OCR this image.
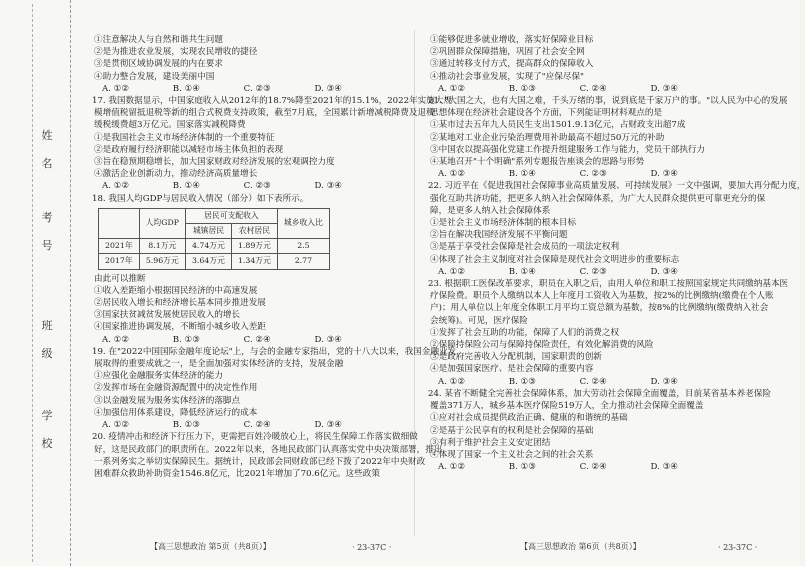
姓
名
考
号
班
级
学
校
①注意解决人与自然和谐共生问题
②是为推进农业发展，实现农民增收的捷径
③是贯彻区域协调发展的内在要求
④助力整合发展，建设美丽中国
A. ①②	B. ①④	C. ②③	D. ③④
17. 我国数据显示，中国家庭收入从2012年的18.7%降至2021年的15.1%，2022年实施大规
模增值税留抵退税等新的组合式税费支持政策，截至7月底，全国累计新增减税降费及退税
缓税缓费超3万亿元。国家落实减税降费
①是我国社会主义市场经济体制的一个重要特征
②是政府履行经济职能以减轻市场主体负担的表现
③旨在稳预期稳增长，加大国家财政对经济发展的宏观调控力度
④激活企业创新动力，推动经济高质量增长
A. ①②	B. ①④	C. ②③	D. ③④
18. 我国人均GDP与居民收入情况（部分）如下表所示。
	人均GDP	居民可支配收入		城乡收入比
		城镇居民	农村居民	
2021年	8.1万元	4.74万元	1.89万元	2.5
2017年	5.96万元	3.64万元	1.34万元	2.77
由此可以推断
①收入差距缩小根据国民经济的中高速发展
②居民收入增长和经济增长基本同步推进发展
③国家扶贫减贫发展使居民收入的增长
④国家推进协调发展，不断缩小城乡收入差距
A. ①②	B. ①③	C. ②④	D. ③④
19. 在"2022中国国际金融年度论坛"上，与会的金融专家指出，党的十八大以来，我国金融业发
展取得的重要成就之一，是全面加强对实体经济的支持，发展金融
①应强化金融服务实体经济的能力
②发挥市场在金融资源配置中的决定性作用
③以金融发展为服务实体经济的落脚点
④加强信用体系建设，降低经济运行的成本
A. ①②	B. ①③	C. ②④	D. ③④
20. 疫情冲击和经济下行压力下，更需把百姓冷暖放心上，将民生保障工作落实做细做
好，这是民政部门的职责所在。2022年以来，各地民政部门认真落实党中央决策部署，推出
一系列务实之举切实保障民生。据统计，民政部会同财政部已经下拨了2022年中央财政
困难群众救助补助资金1546.8亿元，比2021年增加了70.6亿元。这些政策
【高三思想政治 第5页（共8页）】	· 23-37C ·
①能够促进多就业增收，落实好保障业目标
②巩固群众保障措施，巩固了社会安全网
③通过转移支付方式，提高群众的保障收入
④推动社会事业发展，实现了"应保尽保"
A. ①②	B. ①③	C. ②④	D. ③④
21. "大国之大，也有大国之难，千头万绪的事，说到底是千家万户的事。"以人民为中心的发展
思想体现在经济社会建设各个方面，下列能证明材料观点的是
①某市过去五年九人员民生支出1501.9.13亿元，占财政支出超7成
②某地对工业企业污染治理费用补助最高不超过50万元的补助
③中国农以提高强化党建工作提升组建服务工作与能力，党员干部执行力
④某地召开"十个明确"系列专题报告座谈会的思路与形势
A. ①②	B. ①④	C. ②③	D. ③④
22. 习近平在《促进我国社会保障事业高质量发展、可持续发展》一文中强调，要加大再分配力度，
强化互助共济功能，把更多人纳入社会保障体系，为广大人民群众提供更可靠更充分的保
障，是更多人纳入社会保障体系
①是社会主义市场经济体制的根本目标
②旨在解决我国经济发展不平衡问题
③是基于享受社会保障是社会成员的一项法定权利
④体现了社会主义制度对社会保障是现代社会文明进步的重要标志
A. ①②	B. ①④	C. ②③	D. ③④
23. 根据职工医保改革要求，职员在入职之后，由用人单位和职工按照国家规定共同缴纳基本医
疗保险费。职员个人缴纳以本人上年度月工资收入为基数，按2%的比例缴纳(缴费在个人账
户)；用人单位以上年度全体职工月平均工资总额为基数，按8%的比例缴纳(缴费纳入社会
会统筹)。可见，医疗保险
①发挥了社会互助的功能，保障了人们的消费之权
②保障持保险公司与保障持保险责任，有效化解消费的风险
③是政府完善收入分配机制，国家职责的创新
④是加强国家医疗、是社会保障的重要内容
A. ①②	B. ①③	C. ②④	D. ③④
24. 某省不断健全完善社会保障体系，加大劳动社会保障全面覆盖，目前某省基本养老保险
覆盖371万人，城乡基本医疗保险519万人，全力推动社会保障全面覆盖
①应对社会成员提供政治正确、健康的和谐统的基础
②是基于公民享有的权利是社会保障的基础
③有利于维护社会主义安定团结
④体现了国家一个主义社会之间的社会关系
A. ①②	B. ①③	C. ②④	D. ③④
【高三思想政治 第6页（共8页）】	· 23-37C ·
